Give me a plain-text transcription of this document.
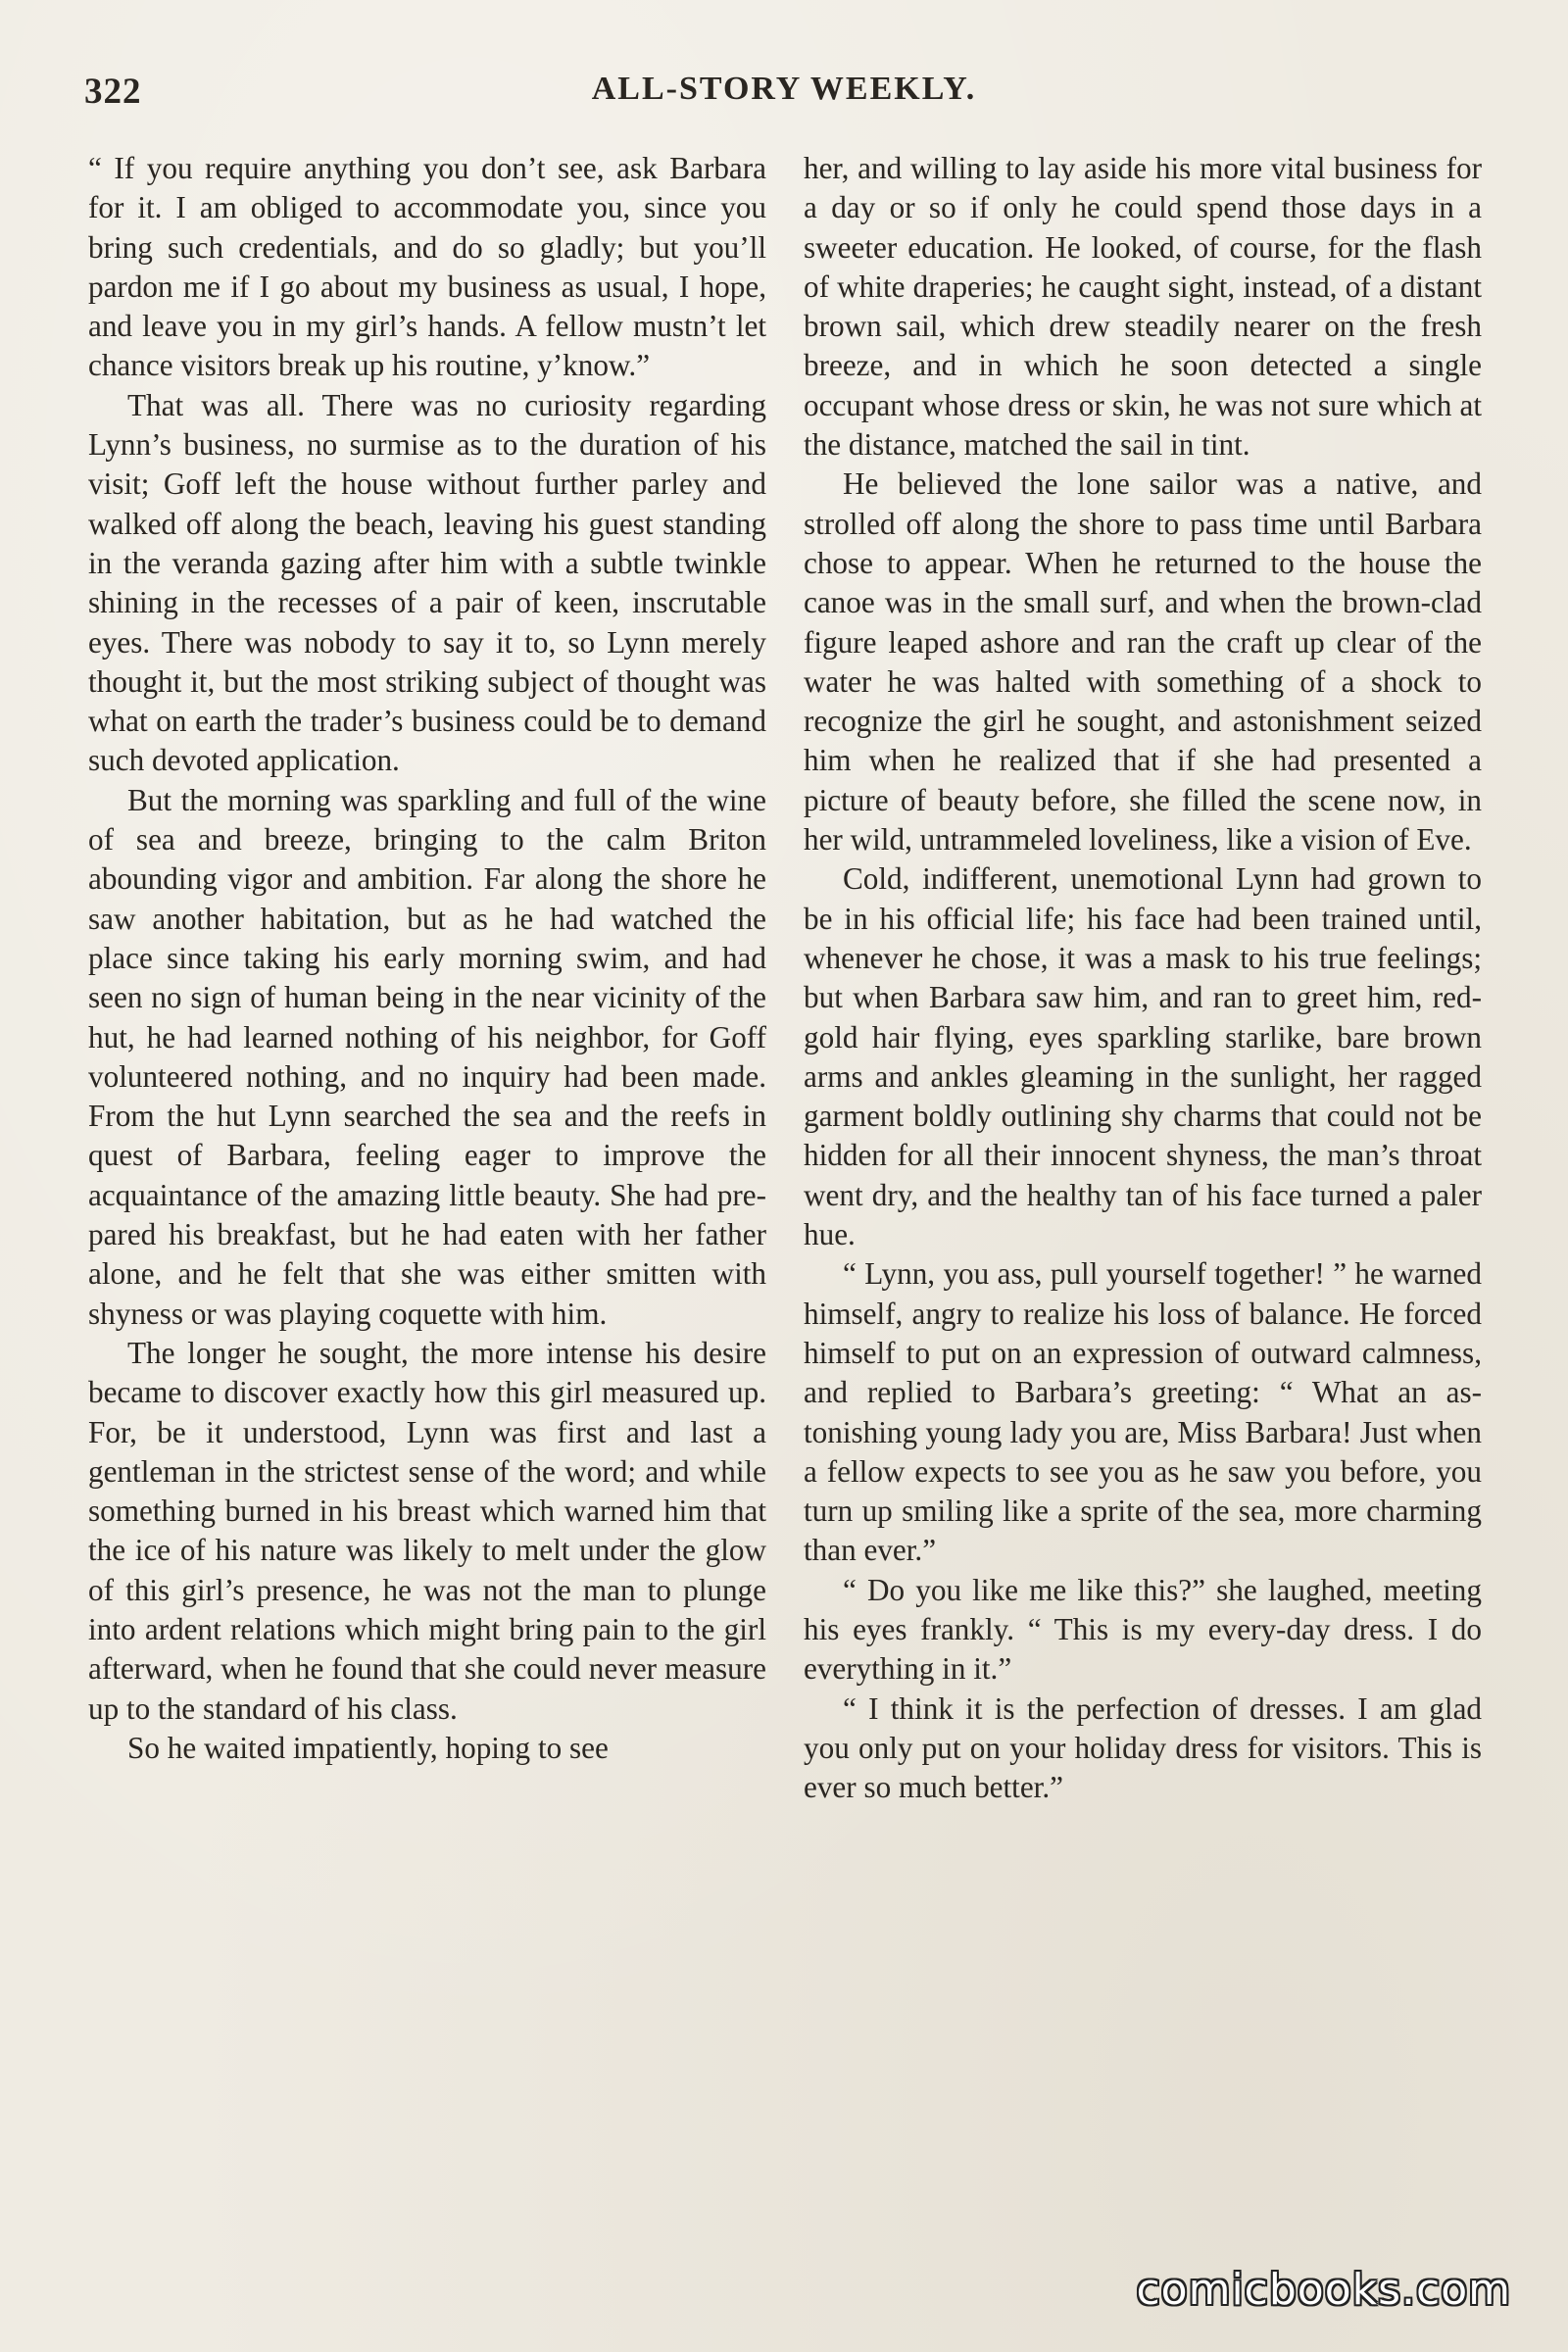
322	ALL-STORY WEEKLY.

“ If you require anything you don’t see, ask Barbara for it. I am obliged to accommodate you, since you bring such credentials, and do so gladly; but you’ll pardon me if I go about my business as usual, I hope, and leave you in my girl’s hands. A fellow mustn’t let chance visitors break up his routine, y’know.”

That was all. There was no curiosity regarding Lynn’s business, no surmise as to the duration of his visit; Goff left the house without further parley and walked off along the beach, leaving his guest standing in the veranda gazing after him with a subtle twinkle shining in the recesses of a pair of keen, inscrutable eyes. There was nobody to say it to, so Lynn merely thought it, but the most striking subject of thought was what on earth the trader’s business could be to demand such devoted application.

But the morning was sparkling and full of the wine of sea and breeze, bringing to the calm Briton abounding vigor and ambition. Far along the shore he saw another habitation, but as he had watched the place since taking his early morning swim, and had seen no sign of human being in the near vicinity of the hut, he had learned nothing of his neighbor, for Goff volunteered nothing, and no inquiry had been made. From the hut Lynn searched the sea and the reefs in quest of Barbara, feeling eager to improve the acquaintance of the amazing little beauty. She had prepared his breakfast, but he had eaten with her father alone, and he felt that she was either smitten with shyness or was playing coquette with him.

The longer he sought, the more intense his desire became to discover exactly how this girl measured up. For, be it understood, Lynn was first and last a gentleman in the strictest sense of the word; and while something burned in his breast which warned him that the ice of his nature was likely to melt under the glow of this girl’s presence, he was not the man to plunge into ardent relations which might bring pain to the girl afterward, when he found that she could never measure up to the standard of his class.

So he waited impatiently, hoping to see

her, and willing to lay aside his more vital business for a day or so if only he could spend those days in a sweeter education. He looked, of course, for the flash of white draperies; he caught sight, instead, of a distant brown sail, which drew steadily nearer on the fresh breeze, and in which he soon detected a single occupant whose dress or skin, he was not sure which at the distance, matched the sail in tint.

He believed the lone sailor was a native, and strolled off along the shore to pass time until Barbara chose to appear. When he returned to the house the canoe was in the small surf, and when the brown-clad figure leaped ashore and ran the craft up clear of the water he was halted with something of a shock to recognize the girl he sought, and astonishment seized him when he realized that if she had presented a picture of beauty before, she filled the scene now, in her wild, untrammeled loveliness, like a vision of Eve.

Cold, indifferent, unemotional Lynn had grown to be in his official life; his face had been trained until, whenever he chose, it was a mask to his true feelings; but when Barbara saw him, and ran to greet him, red-gold hair flying, eyes sparkling starlike, bare brown arms and ankles gleaming in the sunlight, her ragged garment boldly outlining shy charms that could not be hidden for all their innocent shyness, the man’s throat went dry, and the healthy tan of his face turned a paler hue.

“ Lynn, you ass, pull yourself together! ” he warned himself, angry to realize his loss of balance. He forced himself to put on an expression of outward calmness, and replied to Barbara’s greeting: “ What an astonishing young lady you are, Miss Barbara! Just when a fellow expects to see you as he saw you before, you turn up smiling like a sprite of the sea, more charming than ever.”

“ Do you like me like this?” she laughed, meeting his eyes frankly. “ This is my every-day dress. I do everything in it.”

“ I think it is the perfection of dresses. I am glad you only put on your holiday dress for visitors. This is ever so much better.”

comicbooks.com
